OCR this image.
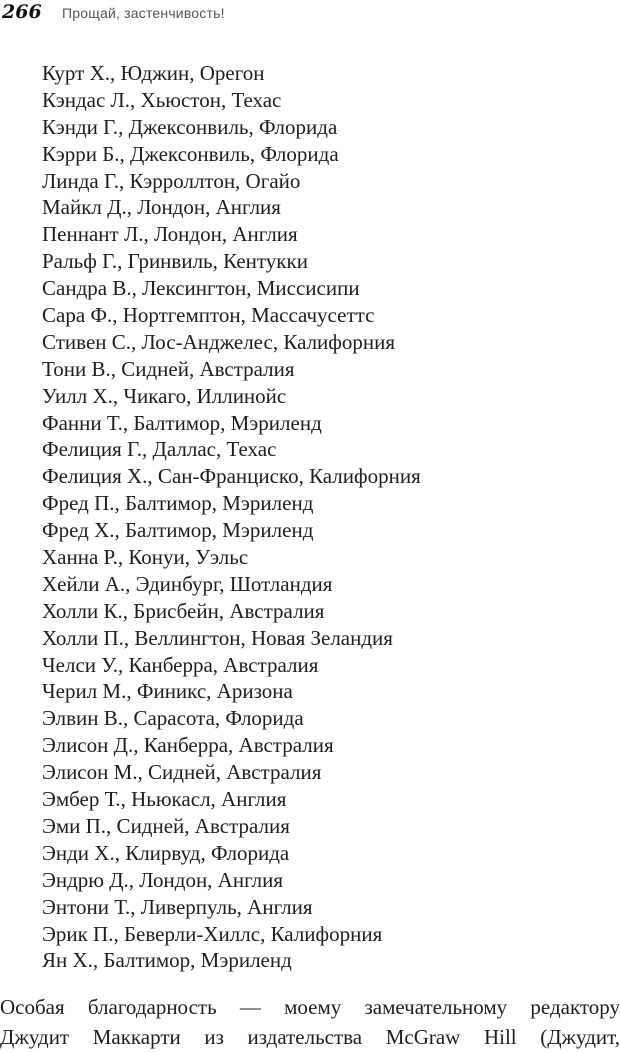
266 Прощай, застенчивость!
Курт Х., Юджин, Орегон
Кэндас Л., Хьюстон, Техас
Кэнди Г., Джексонвиль, Флорида
Кэрри Б., Джексонвиль, Флорида
Линда Г., Кэрроллтон, Огайо
Майкл Д., Лондон, Англия
Пеннант Л., Лондон, Англия
Ральф Г., Гринвиль, Кентукки
Сандра В., Лексингтон, Миссисипи
Сара Ф., Нортгемптон, Массачусеттс
Стивен С., Лос-Анджелес, Калифорния
Тони В., Сидней, Австралия
Уилл Х., Чикаго, Иллинойс
Фанни Т., Балтимор, Мэриленд
Фелиция Г., Даллас, Техас
Фелиция Х., Сан-Франциско, Калифорния
Фред П., Балтимор, Мэриленд
Фред Х., Балтимор, Мэриленд
Ханна Р., Конуи, Уэльс
Хейли А., Эдинбург, Шотландия
Холли К., Брисбейн, Австралия
Холли П., Веллингтон, Новая Зеландия
Челси У., Канберра, Австралия
Черил М., Финикс, Аризона
Элвин В., Сарасота, Флорида
Элисон Д., Канберра, Австралия
Элисон М., Сидней, Австралия
Эмбер Т., Ньюкасл, Англия
Эми П., Сидней, Австралия
Энди Х., Клирвуд, Флорида
Эндрю Д., Лондон, Англия
Энтони Т., Ливерпуль, Англия
Эрик П., Беверли-Хиллс, Калифорния
Ян Х., Балтимор, Мэриленд
Особая благодарность — моему замечательному редактору
Джудит Маккарти из издательства McGraw Hill (Джудит,
